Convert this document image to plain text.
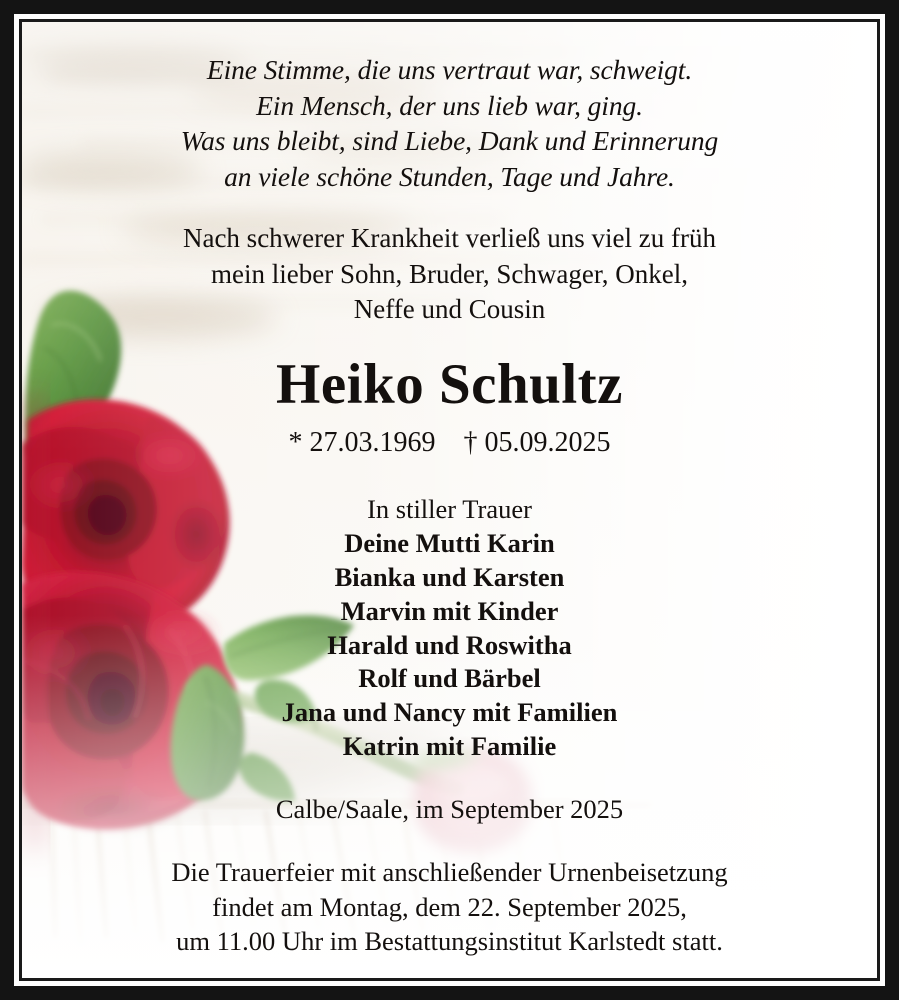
Eine Stimme, die uns vertraut war, schweigt.
Ein Mensch, der uns lieb war, ging.
Was uns bleibt, sind Liebe, Dank und Erinnerung
an viele schöne Stunden, Tage und Jahre.
Nach schwerer Krankheit verließ uns viel zu früh
mein lieber Sohn, Bruder, Schwager, Onkel,
Neffe und Cousin
Heiko Schultz
* 27.03.1969    † 05.09.2025
In stiller Trauer
Deine Mutti Karin
Bianka und Karsten
Marvin mit Kinder
Harald und Roswitha
Rolf und Bärbel
Jana und Nancy mit Familien
Katrin mit Familie
Calbe/Saale, im September 2025
Die Trauerfeier mit anschließender Urnenbeisetzung
findet am Montag, dem 22. September 2025,
um 11.00 Uhr im Bestattungsinstitut Karlstedt statt.
